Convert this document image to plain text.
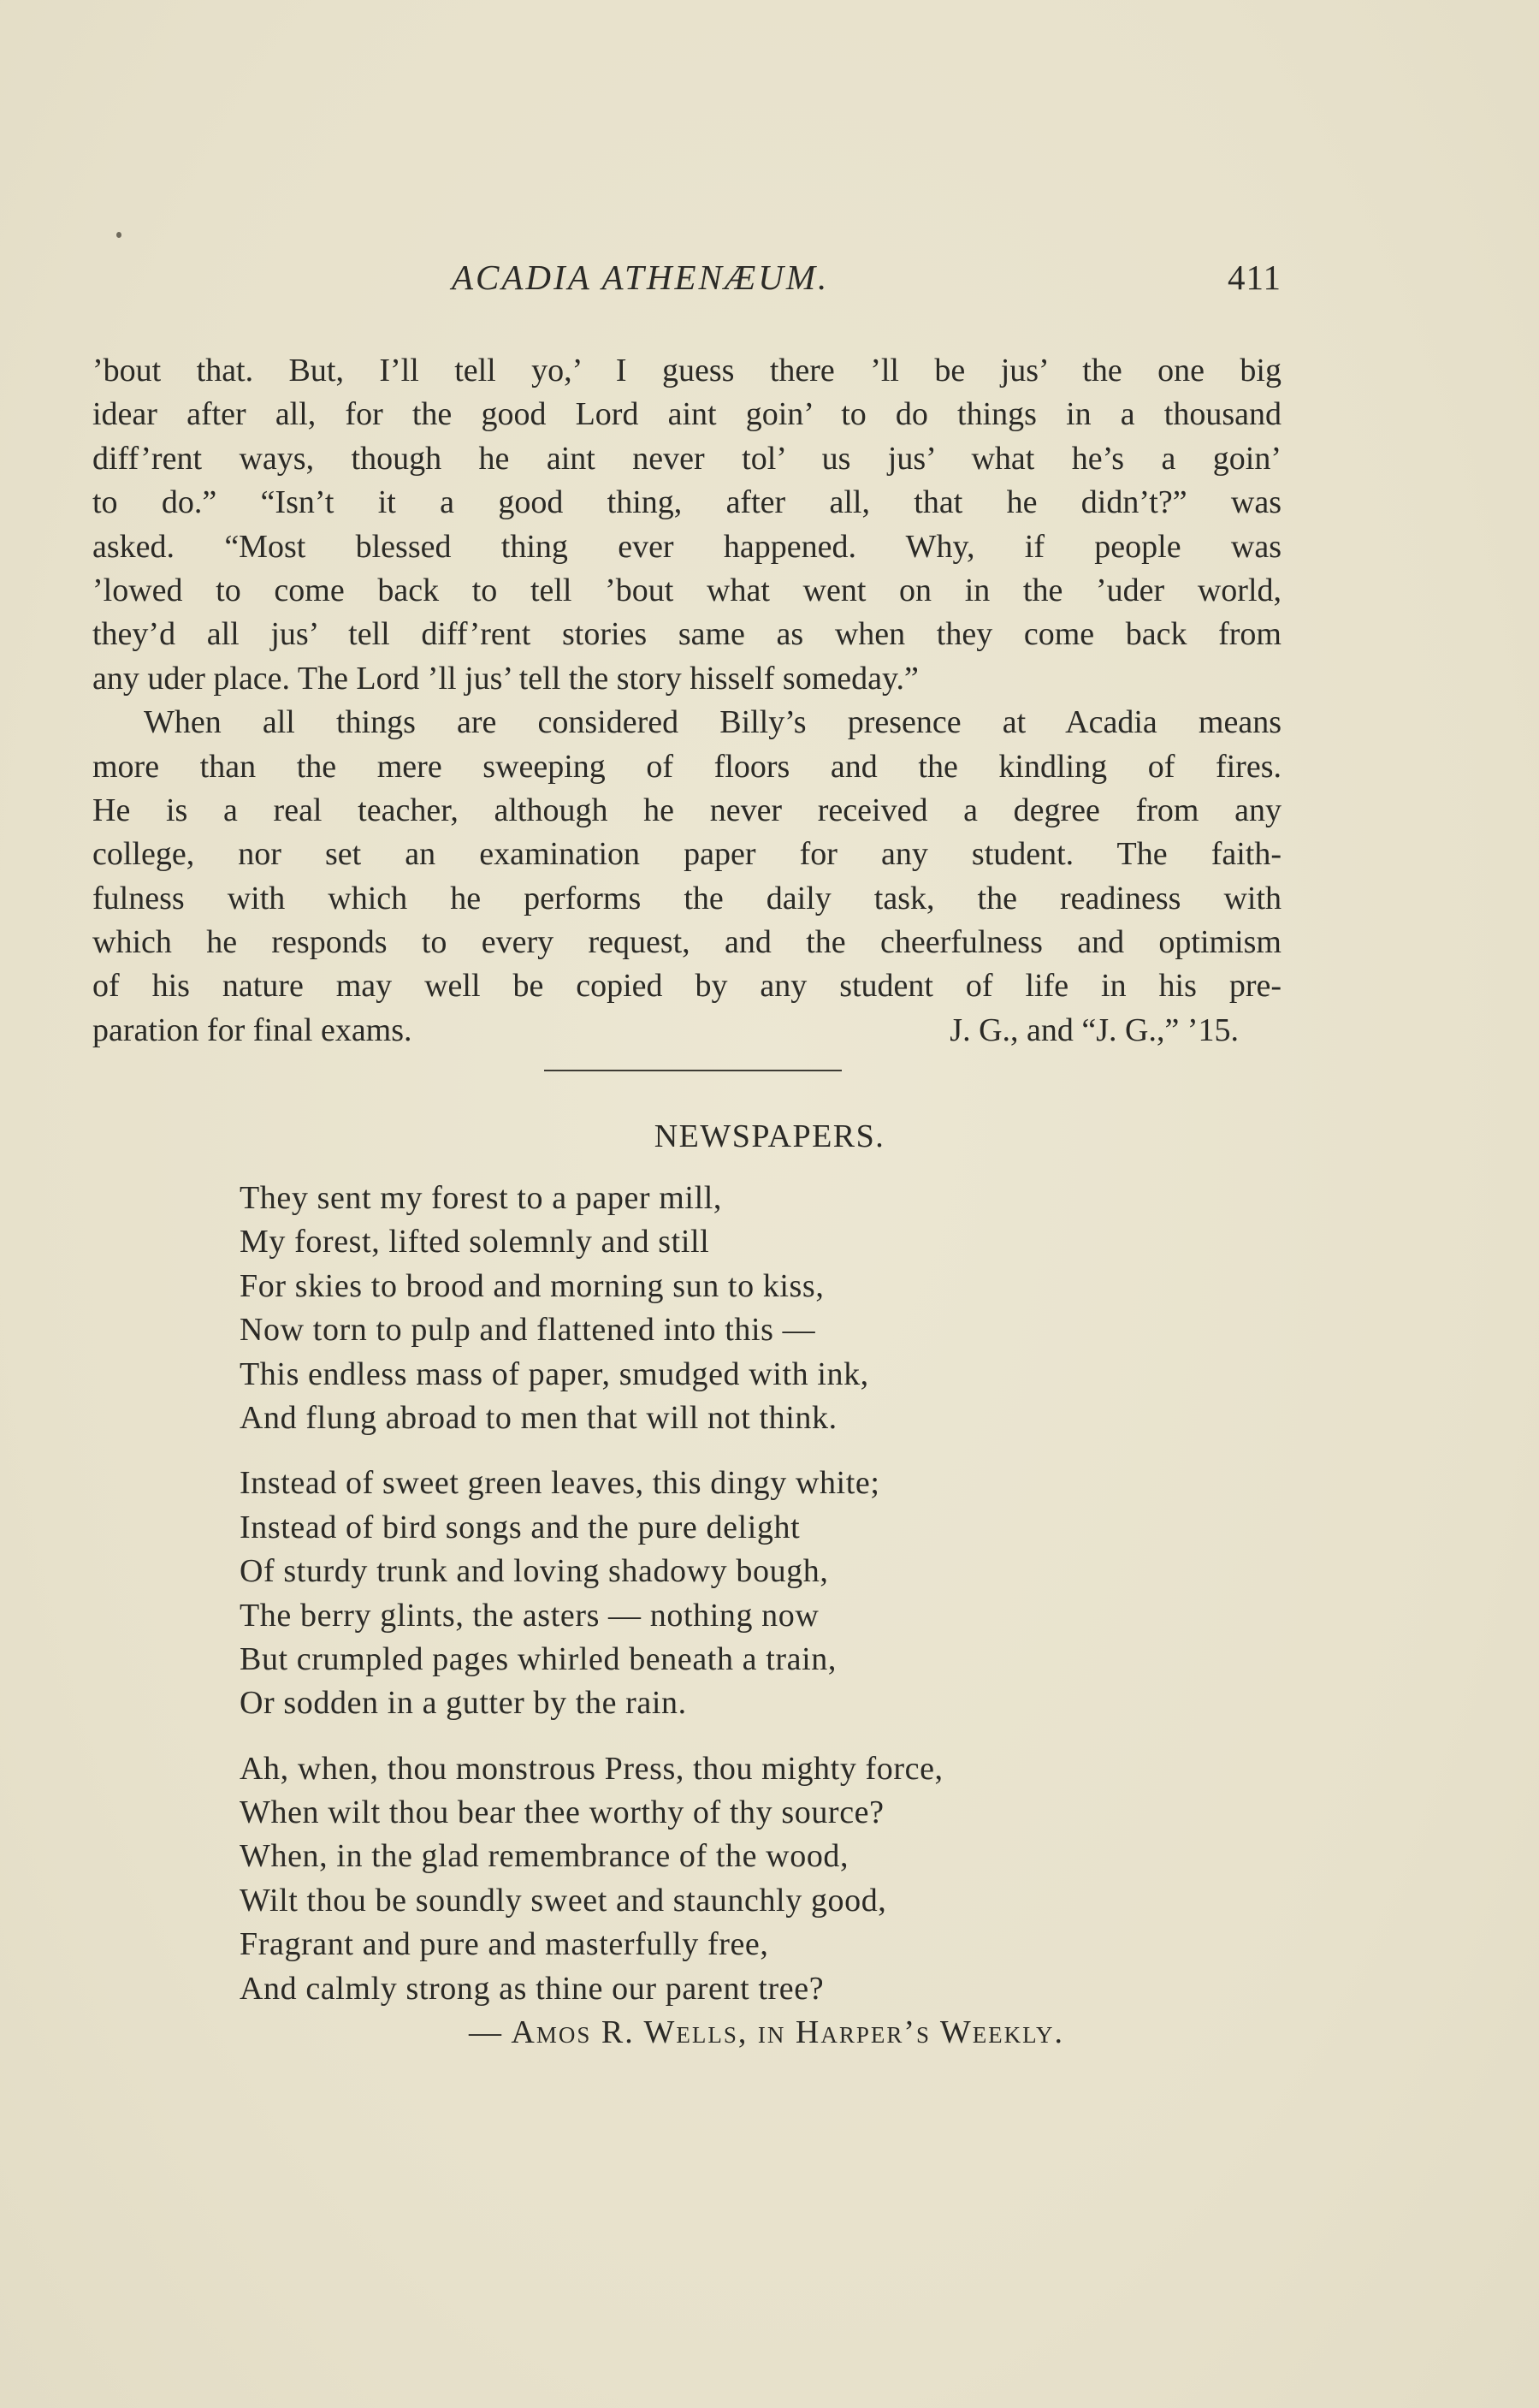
ACADIA ATHENÆUM.	411
’bout that. But, I’ll tell yo,’ I guess there ’ll be jus’ the one big
idear after all, for the good Lord aint goin’ to do things in a thousand
diff’rent ways, though he aint never tol’ us jus’ what he’s a goin’
to do.” “Isn’t it a good thing, after all, that he didn’t?” was
asked. “Most blessed thing ever happened. Why, if people was
’lowed to come back to tell ’bout what went on in the ’uder world,
they’d all jus’ tell diff’rent stories same as when they come back from
any uder place. The Lord ’ll jus’ tell the story hisself someday.”
When all things are considered Billy’s presence at Acadia means
more than the mere sweeping of floors and the kindling of fires.
He is a real teacher, although he never received a degree from any
college, nor set an examination paper for any student. The faith-
fulness with which he performs the daily task, the readiness with
which he responds to every request, and the cheerfulness and optimism
of his nature may well be copied by any student of life in his pre-
paration for final exams.	J. G., and “J. G.,” ’15.
NEWSPAPERS.
They sent my forest to a paper mill,
My forest, lifted solemnly and still
For skies to brood and morning sun to kiss,
Now torn to pulp and flattened into this —
This endless mass of paper, smudged with ink,
And flung abroad to men that will not think.
Instead of sweet green leaves, this dingy white;
Instead of bird songs and the pure delight
Of sturdy trunk and loving shadowy bough,
The berry glints, the asters — nothing now
But crumpled pages whirled beneath a train,
Or sodden in a gutter by the rain.
Ah, when, thou monstrous Press, thou mighty force,
When wilt thou bear thee worthy of thy source?
When, in the glad remembrance of the wood,
Wilt thou be soundly sweet and staunchly good,
Fragrant and pure and masterfully free,
And calmly strong as thine our parent tree?
— Amos R. Wells, in Harper’s Weekly.
